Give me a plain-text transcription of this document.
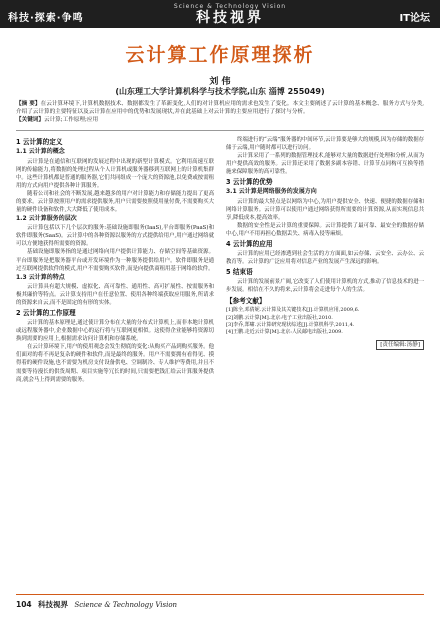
科技·探索·争鸣
Science & Technology Vision
科技视界	IT论坛
云计算工作原理探析
刘 伟
(山东理工大学计算机科学与技术学院,山东 淄博 255049)
【摘 要】在云计算环境下,计算机数据技术、数据都发生了革新变化,人们的对计算机应用的需求也发生了变化。本文主要阐述了云计算的基本概念、服务方式与分类,介绍了云计算的主要特征以及云计算在应用中的优势和发展现状,并在此基础上对云计算的主要应用进行了探讨与分析。
【关键词】云计算;工作原理;应用
1 云计算的定义
1.1 云计算的概念

云计算是在通信和互联网的发展过程中出现的新型计算模式。它利用高速互联网的传输能力,将数据的处理过程从个人计算机或服务器移到互联网上的计算机集群中。这些计算机都是普通的服务器,它们共同组成一个庞大的资源池,以免费或按需租用的方式向用户提供各种计算服务。

随着公司和社会的不断发展,越来越多的用户对计算能力和存储能力提出了更高的要求。云计算按照用户的需求提供服务,用户只需要按照使用量付费,不需要购买大量的硬件设备和软件,大大降低了使用成本。

1.2 云计算服务的层次

云计算包括以下几个层次的服务:基础设施即服务(IaaS),平台即服务(PaaS)和软件即服务(SaaS)。云计算中的各种资源以服务的方式提供给用户,用户通过网络就可以方便地获得所需要的资源。

基础设施即服务指的是通过网络向用户提供计算能力、存储空间等基础资源。平台即服务是把服务器平台或开发环境作为一种服务提供给用户。软件即服务是通过互联网提供软件的模式,用户不需要购买软件,而是向提供商租用基于网络的软件。

1.3 云计算的特点

云计算具有超大规模、虚拟化、高可靠性、通用性、高可扩展性、按需服务和极其廉价等特点。云计算支持用户在任意位置、使用各种终端获取应用服务,所请求的资源来自云,而不是固定的有形的实体。

2 云计算的工作原理

云计算的基本原理是,通过使计算分布在大量的分布式计算机上,而非本地计算机或远程服务器中,企业数据中心的运行将与互联网更相似。这使得企业能够将资源切换到需要的应用上,根据需求访问计算机和存储系统。

在云计算环境下,用户的使用观念会发生彻底的变化:从购买产品到购买服务。他们面对的将不再是复杂的硬件和软件,而是最终的服务。用户不需要拥有看得见、摸得着的硬件设施,也不需要为机房支付设备供电、空调制冷、专人维护等费用,并且不需要等待漫长的供货周期、项目实施等冗长的时间,只需要把钱汇给云计算服务提供商,就会马上得到需要的服务。

终端进行的“云端”服务器的中间环节,云计算要是够大的规模,因为存储的数据存储于云端,用户随时都可以进行访问。

云计算采用了一系列的数据管理技术,能够对大量的数据进行处理和分析,从而为用户提供高效的服务。云计算还采用了数据多副本容错、计算节点同构可互换等措施来保障服务的高可靠性。

3 云计算的优势
3.1 云计算是网络服务的发展方向

云计算的最大特点是以网络为中心,为用户提供安全、快速、便捷的数据存储和网络计算服务。云计算可以使用户通过网络获得所需要的计算资源,从而实现信息共享,降低成本,提高效率。

数据的安全性是云计算的重要保障。云计算提供了最可靠、最安全的数据存储中心,用户不用再担心数据丢失、病毒入侵等麻烦。

4 云计算的应用

云计算的应用已经渗透到社会生活的方方面面,如云存储、云安全、云办公、云教育等。云计算的广泛应用将对信息产业的发展产生深远的影响。

5 结束语

云计算的发展前景广阔,它改变了人们使用计算机的方式,推动了信息技术的进一步发展。相信在不久的将来,云计算将会走进每个人的生活。

【参考文献】

[1]陈全,邓倩妮.云计算及其关键技术[J].计算机应用,2009,6.

[2]刘鹏.云计算[M].北京:电子工业出版社,2010.

[3]李乔,郑啸.云计算研究现状综述[J].计算机科学,2011,4.

[4]王鹏.走近云计算[M].北京:人民邮电出版社,2009.

[责任编辑:汤静]
104 科技视界 Science & Technology Vision
